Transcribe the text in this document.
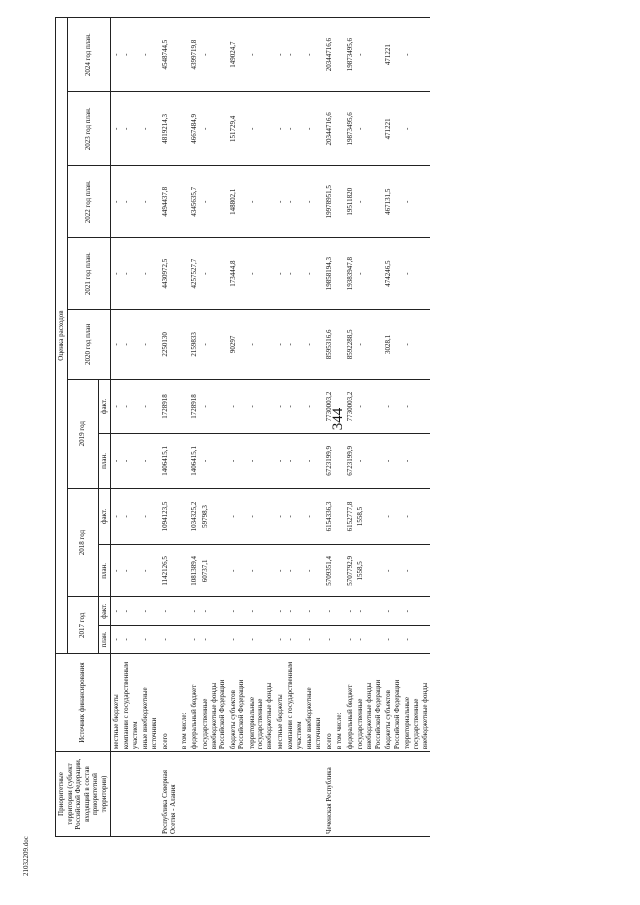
344
Приоритетные территории (субъект Российской Федерации, входящий в состав приоритетной территории)	Источник финансирования	Оценка расходов										
		2017 год		2018 год		2019 год		2020 год план	2021 год план.	2022 год план.	2023 год план.	2024 год план.
		план.	факт.	план.	факт.	план.	факт.					
	местные бюджеты	-	-	-	-	-	-	-	-	-	-	-
	компании с государственным участием	-	-	-	-	-	-	-	-	-	-	-
	иные внебюджетные источники	-	-	-	-	-	-	-	-	-	-	-
Республика Северная Осетия - Алания	всего	-	-	1142126,5	1094123,5	1406415,1	1728918	2250130	4430972,5	4494437,8	4819214,3	4548744,5
	в том числе:											
	федеральный бюджет	-	-	1081389,4	1034325,2	1406415,1	1728918	2159833	4257527,7	4345635,7	4667484,9	4399719,8
	государственные внебюджетные фонды Российской Федерации	-	-	60737,1	59798,3	-	-	-	-	-	-	-
	бюджеты субъектов Российской Федерации	-	-	-	-	-	-	90297	173444,8	148802,1	151729,4	149024,7
	территориальные государственные внебюджетные фонды	-	-	-	-	-	-	-	-	-	-	-
	местные бюджеты	-	-	-	-	-	-	-	-	-	-	-
	компании с государственным участием	-	-	-	-	-	-	-	-	-	-	-
	иные внебюджетные источники	-	-	-	-	-	-	-	-	-	-	-
Чеченская Республика	всего	-	-	5709351,4	6154336,3	6723199,9	7730003,2	8595316,6	19858194,3	19978951,5	20344716,6	20344716,6
	в том числе:											
	федеральный бюджет	-	-	5707792,9	6152777,8	6723199,9	7730003,2	8592288,5	19383947,8	19511820	19873495,6	19873495,6
	государственные внебюджетные фонды Российской Федерации	-	-	1558,5	1558,5	-	-	-	-	-	-	-
	бюджеты субъектов Российской Федерации	-	-	-	-	-	-	3028,1	474246,5	467131,5	471221	471221
	территориальные государственные внебюджетные фонды	-	-	-	-	-	-	-	-	-	-	-
21032209.doc
